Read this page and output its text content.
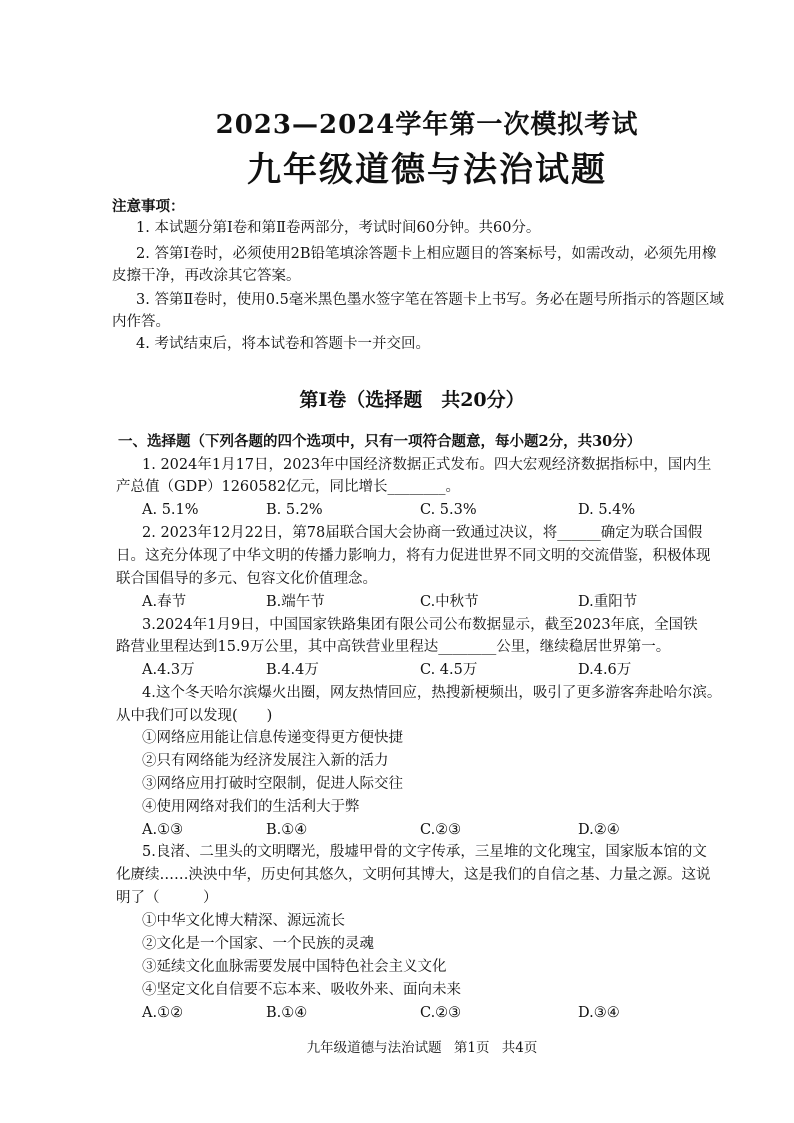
2023—2024学年第一次模拟考试
九年级道德与法治试题
注意事项：
1. 本试题分第Ⅰ卷和第Ⅱ卷两部分，考试时间60分钟。共60分。
2. 答第Ⅰ卷时，必须使用2B铅笔填涂答题卡上相应题目的答案标号，如需改动，必须先用橡
皮擦干净，再改涂其它答案。
3. 答第Ⅱ卷时，使用0.5毫米黑色墨水签字笔在答题卡上书写。务必在题号所指示的答题区域
内作答。
4. 考试结束后，将本试卷和答题卡一并交回。
第Ⅰ卷（选择题　共20分）
一、选择题（下列各题的四个选项中，只有一项符合题意，每小题2分，共30分）
1. 2024年1月17日，2023年中国经济数据正式发布。四大宏观经济数据指标中，国内生
产总值（GDP）1260582亿元，同比增长________。
A. 5.1%	B. 5.2%	C. 5.3%	D. 5.4%
2. 2023年12月22日，第78届联合国大会协商一致通过决议，将______确定为联合国假
日。这充分体现了中华文明的传播力影响力，将有力促进世界不同文明的交流借鉴，积极体现
联合国倡导的多元、包容文化价值理念。
A.春节	B.端午节	C.中秋节	D.重阳节
3.2024年1月9日，中国国家铁路集团有限公司公布数据显示，截至2023年底，全国铁
路营业里程达到15.9万公里，其中高铁营业里程达________公里，继续稳居世界第一。
A.4.3万	B.4.4万	C. 4.5万	D.4.6万
4.这个冬天哈尔滨爆火出圈，网友热情回应，热搜新梗频出，吸引了更多游客奔赴哈尔滨。
从中我们可以发现(　　)
①网络应用能让信息传递变得更方便快捷
②只有网络能为经济发展注入新的活力
③网络应用打破时空限制，促进人际交往
④使用网络对我们的生活利大于弊
A.①③	B.①④	C.②③	D.②④
5.良渚、二里头的文明曙光，殷墟甲骨的文字传承，三星堆的文化瑰宝，国家版本馆的文
化赓续……泱泱中华，历史何其悠久，文明何其博大，这是我们的自信之基、力量之源。这说
明了（　　　）
①中华文化博大精深、源远流长
②文化是一个国家、一个民族的灵魂
③延续文化血脉需要发展中国特色社会主义文化
④坚定文化自信要不忘本来、吸收外来、面向未来
A.①②	B.①④	C.②③	D.③④
九年级道德与法治试题 第1页 共4页
